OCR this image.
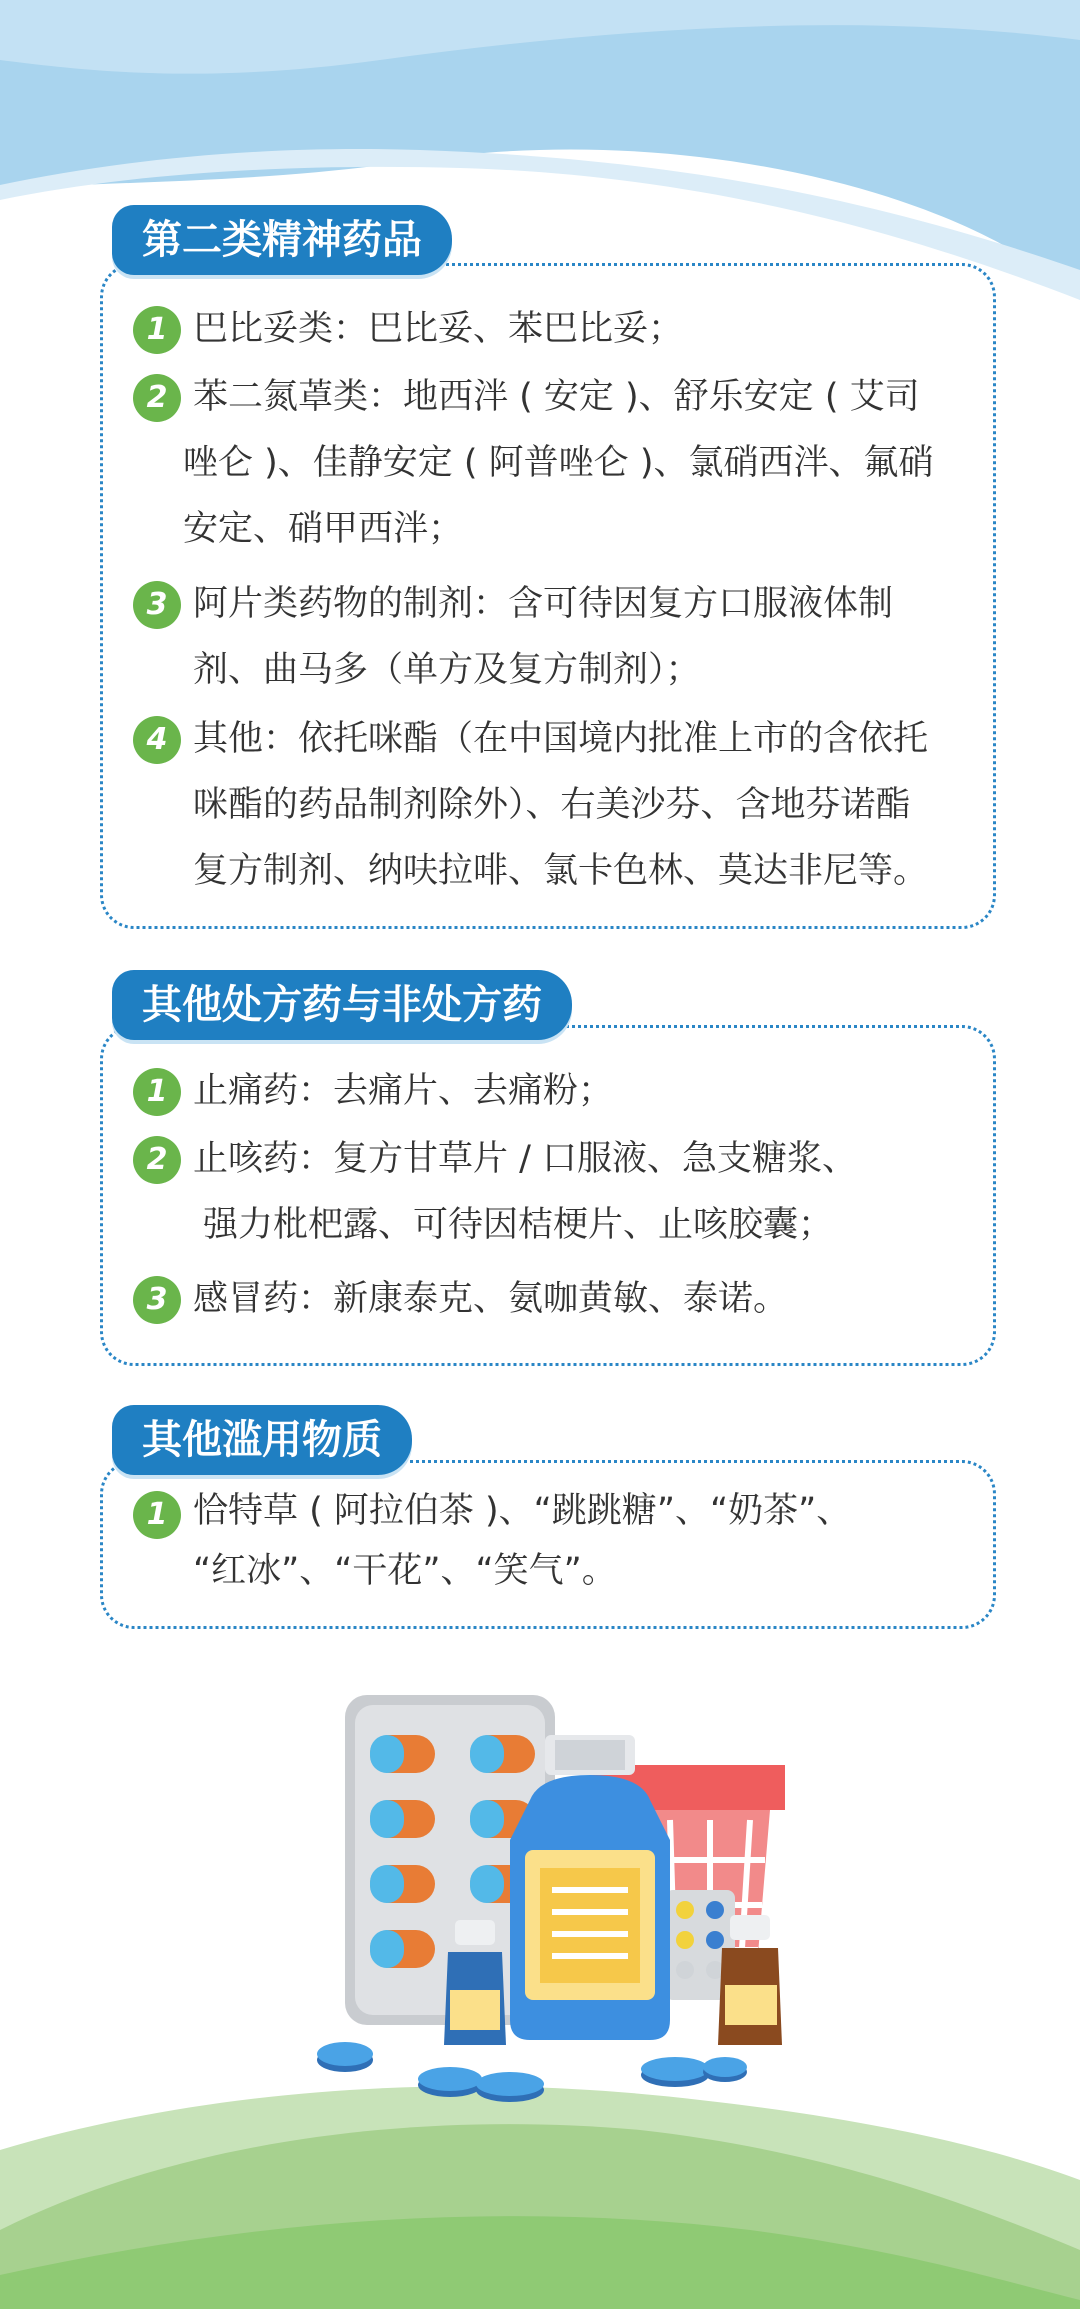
1 巴比妥类：巴比妥、苯巴比妥；
2 苯二氮䓬类：地西泮 ( 安定 )、舒乐安定 ( 艾司
唑仑 )、佳静安定 ( 阿普唑仑 )、氯硝西泮、氟硝
安定、硝甲西泮；
3 阿片类药物的制剂：含可待因复方口服液体制
剂、曲马多（单方及复方制剂）；
4 其他：依托咪酯（在中国境内批准上市的含依托
咪酯的药品制剂除外）、右美沙芬、含地芬诺酯
复方制剂、纳呋拉啡、氯卡色林、莫达非尼等。
第二类精神药品
1 止痛药：去痛片、去痛粉；
2 止咳药：复方甘草片 / 口服液、急支糖浆、
强力枇杷露、可待因桔梗片、止咳胶囊；
3 感冒药：新康泰克、氨咖黄敏、泰诺。
其他处方药与非处方药
1 恰特草 ( 阿拉伯茶 )、“跳跳糖”、“奶茶”、
“红冰”、“干花”、“笑气”。
其他滥用物质
